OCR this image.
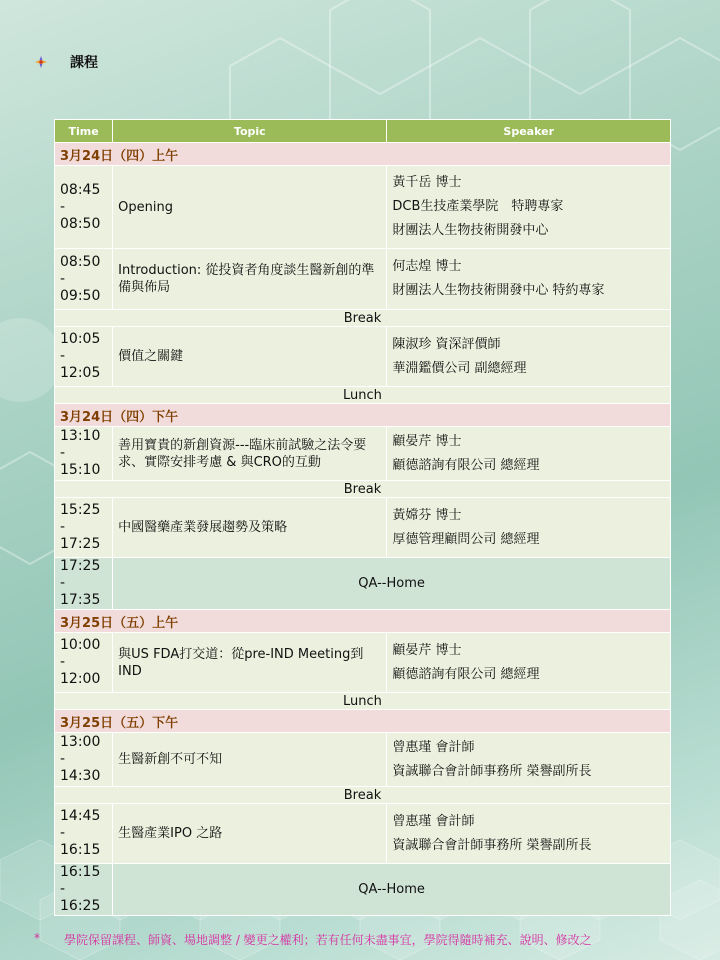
課程
Time	Topic	Speaker
3月24日（四）上午		
08:45 - 08:50	Opening	黃千岳 博士
DCB生技產業學院　特聘專家
財團法人生物技術開發中心

08:50 - 09:50	Introduction: 從投資者角度談生醫新創的準備與佈局	何志煌 博士
財團法人生物技術開發中心 特約專家

Break		
10:05 - 12:05	價值之關鍵	陳淑珍 資深評價師
華淵鑑價公司 副總經理

Lunch		
3月24日（四）下午		
13:10 - 15:10	善用寶貴的新創資源---臨床前試驗之法令要求、實際安排考慮 & 與CRO的互動	顧晏芹 博士
顧德諮詢有限公司 總經理

Break		
15:25 - 17:25	中國醫藥產業發展趨勢及策略	黃嫦芬 博士
厚德管理顧問公司 總經理

17:25 - 17:35	QA--Home	
3月25日（五）上午		
10:00 - 12:00	與US FDA打交道：從pre-IND Meeting到IND	顧晏芹 博士
顧德諮詢有限公司 總經理

Lunch		
3月25日（五）下午		
13:00 - 14:30	生醫新創不可不知	曾惠瑾 會計師
資誠聯合會計師事務所 榮譽副所長

Break		
14:45 - 16:15	生醫產業IPO 之路	曾惠瑾 會計師
資誠聯合會計師事務所 榮譽副所長

16:15 - 16:25	QA--Home	
* 學院保留課程、師資、場地調整 / 變更之權利；若有任何未盡事宜，學院得隨時補充、說明、修改之
